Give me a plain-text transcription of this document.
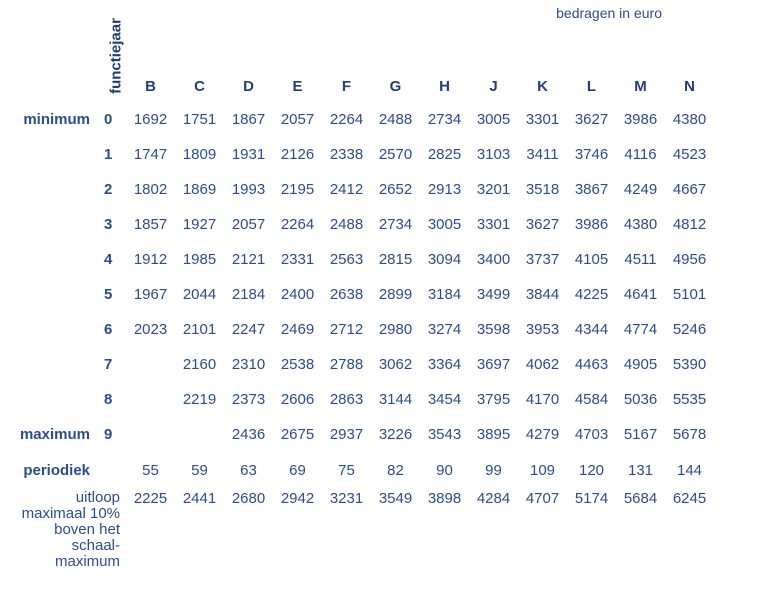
bedragen in euro
functiejaar
		B	C	D	E	F	G	H	J	K	L	M	N
minimum	0	1692	1751	1867	2057	2264	2488	2734	3005	3301	3627	3986	4380
	1	1747	1809	1931	2126	2338	2570	2825	3103	3411	3746	4116	4523
	2	1802	1869	1993	2195	2412	2652	2913	3201	3518	3867	4249	4667
	3	1857	1927	2057	2264	2488	2734	3005	3301	3627	3986	4380	4812
	4	1912	1985	2121	2331	2563	2815	3094	3400	3737	4105	4511	4956
	5	1967	2044	2184	2400	2638	2899	3184	3499	3844	4225	4641	5101
	6	2023	2101	2247	2469	2712	2980	3274	3598	3953	4344	4774	5246
	7		2160	2310	2538	2788	3062	3364	3697	4062	4463	4905	5390
	8		2219	2373	2606	2863	3144	3454	3795	4170	4584	5036	5535
maximum	9			2436	2675	2937	3226	3543	3895	4279	4703	5167	5678
periodiek		55	59	63	69	75	82	90	99	109	120	131	144

uitloop
maximaal 10%
boven het
schaal-
maximum		2225	2441	2680	2942	3231	3549	3898	4284	4707	5174	5684	6245
